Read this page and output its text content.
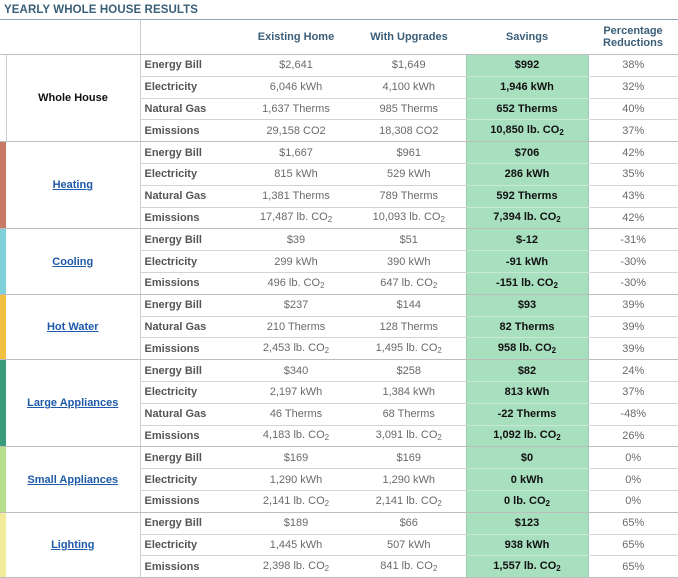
YEARLY WHOLE HOUSE RESULTS
			Existing Home	With Upgrades	Savings	Percentage
Reductions
	Whole House	Energy Bill	$2,641	$1,649	$992	38%
		Electricity	6,046 kWh	4,100 kWh	1,946 kWh	32%
		Natural Gas	1,637 Therms	985 Therms	652 Therms	40%
		Emissions	29,158 CO2	18,308 CO2	10,850 lb. $CO_2$	37%
	Heating	Energy Bill	$1,667	$961	$706	42%
		Electricity	815 kWh	529 kWh	286 kWh	35%
		Natural Gas	1,381 Therms	789 Therms	592 Therms	43%
		Emissions	17,487 lb. $CO_2$	10,093 lb. $CO_2$	7,394 lb. $CO_2$	42%
	Cooling	Energy Bill	$39	$51	$-12	-31%
		Electricity	299 kWh	390 kWh	-91 kWh	-30%
		Emissions	496 lb. $CO_2$	647 lb. $CO_2$	-151 lb. $CO_2$	-30%
	Hot Water	Energy Bill	$237	$144	$93	39%
		Natural Gas	210 Therms	128 Therms	82 Therms	39%
		Emissions	2,453 lb. $CO_2$	1,495 lb. $CO_2$	958 lb. $CO_2$	39%
	Large Appliances	Energy Bill	$340	$258	$82	24%
		Electricity	2,197 kWh	1,384 kWh	813 kWh	37%
		Natural Gas	46 Therms	68 Therms	-22 Therms	-48%
		Emissions	4,183 lb. $CO_2$	3,091 lb. $CO_2$	1,092 lb. $CO_2$	26%
	Small Appliances	Energy Bill	$169	$169	$0	0%
		Electricity	1,290 kWh	1,290 kWh	0 kWh	0%
		Emissions	2,141 lb. $CO_2$	2,141 lb. $CO_2$	0 lb. $CO_2$	0%
	Lighting	Energy Bill	$189	$66	$123	65%
		Electricity	1,445 kWh	507 kWh	938 kWh	65%
		Emissions	2,398 lb. $CO_2$	841 lb. $CO_2$	1,557 lb. $CO_2$	65%
